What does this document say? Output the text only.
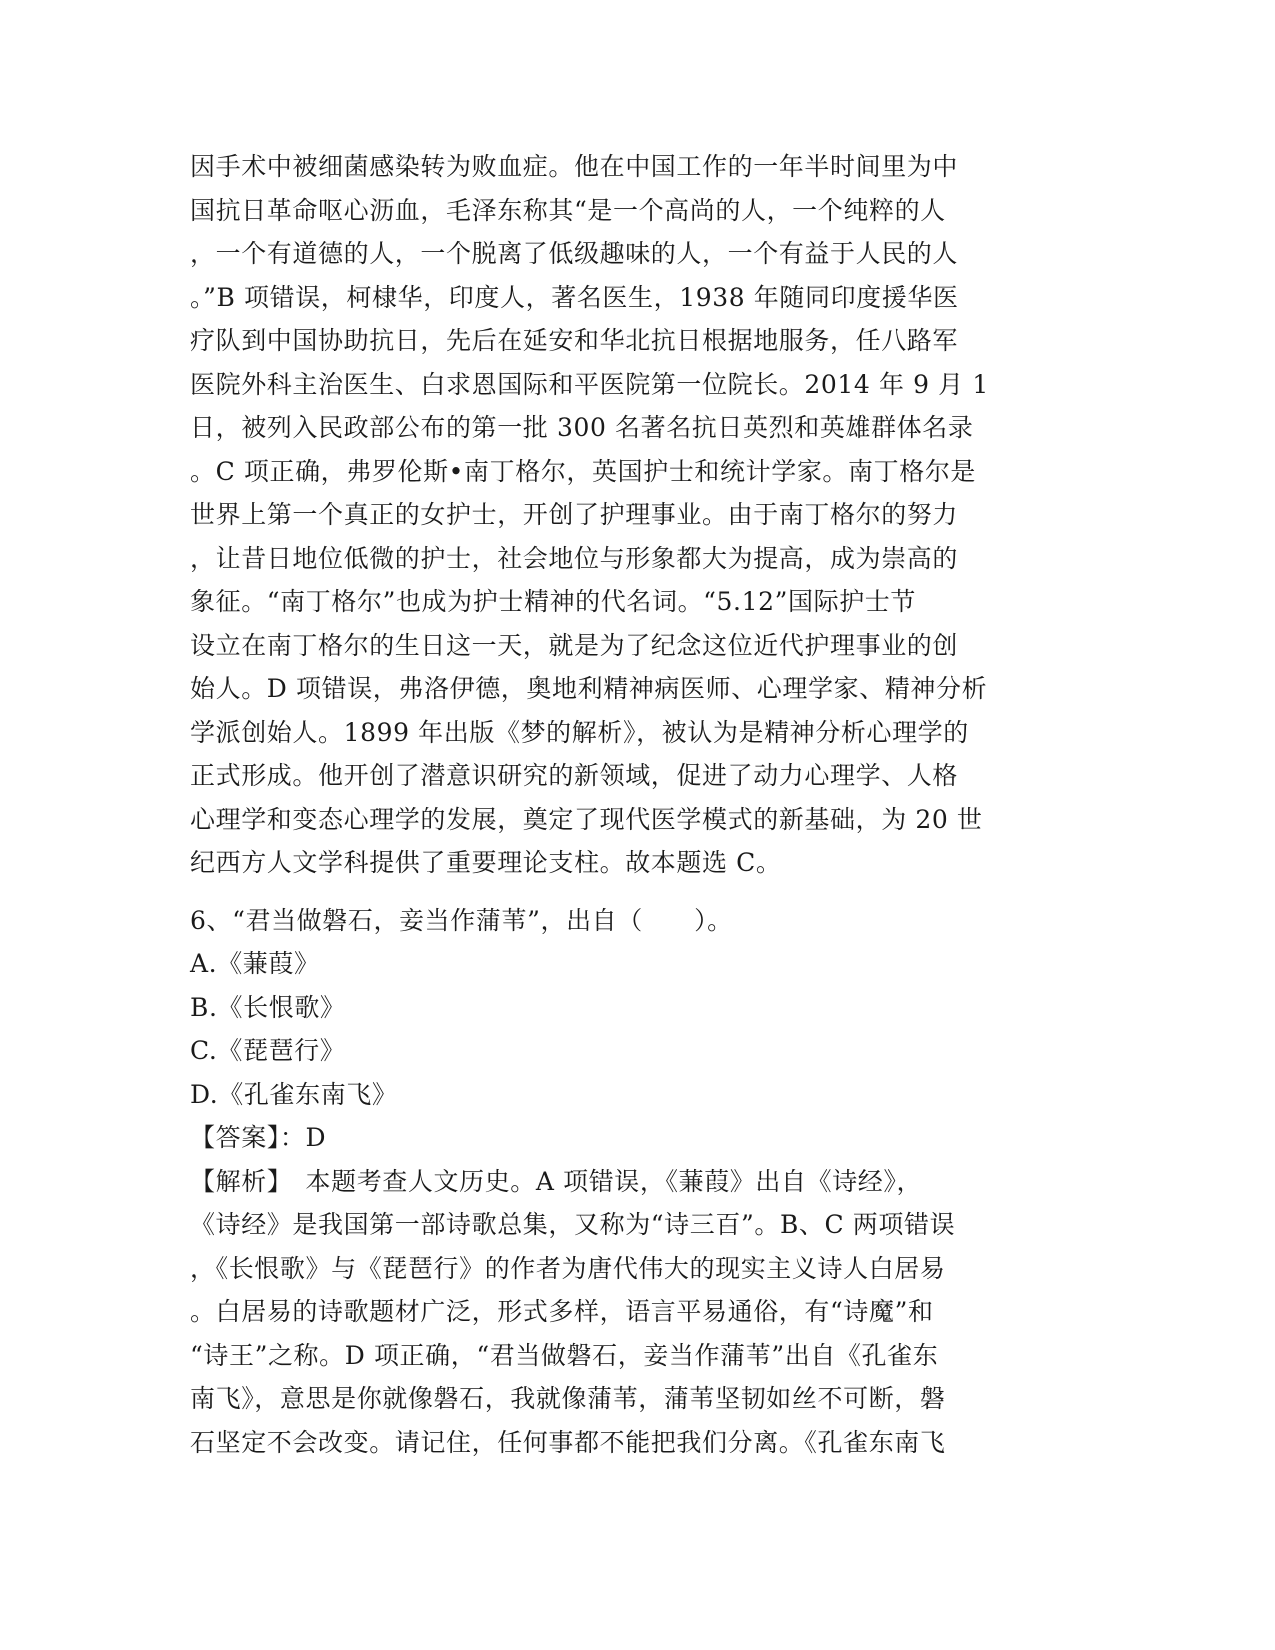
因手术中被细菌感染转为败血症。他在中国工作的一年半时间里为中
国抗日革命呕心沥血，毛泽东称其“是一个高尚的人，一个纯粹的人
，一个有道德的人，一个脱离了低级趣味的人，一个有益于人民的人
。”B 项错误，柯棣华，印度人，著名医生，1938 年随同印度援华医
疗队到中国协助抗日，先后在延安和华北抗日根据地服务，任八路军
医院外科主治医生、白求恩国际和平医院第一位院长。2014 年 9 月 1
日，被列入民政部公布的第一批 300 名著名抗日英烈和英雄群体名录
。C 项正确，弗罗伦斯•南丁格尔，英国护士和统计学家。南丁格尔是
世界上第一个真正的女护士，开创了护理事业。由于南丁格尔的努力
，让昔日地位低微的护士，社会地位与形象都大为提高，成为崇高的
象征。“南丁格尔”也成为护士精神的代名词。“5.12”国际护士节
设立在南丁格尔的生日这一天，就是为了纪念这位近代护理事业的创
始人。D 项错误，弗洛伊德，奥地利精神病医师、心理学家、精神分析
学派创始人。1899 年出版《梦的解析》，被认为是精神分析心理学的
正式形成。他开创了潜意识研究的新领域，促进了动力心理学、人格
心理学和变态心理学的发展，奠定了现代医学模式的新基础，为 20 世
纪西方人文学科提供了重要理论支柱。故本题选 C。
6、“君当做磐石，妾当作蒲苇”，出自（　　）。
A.《蒹葭》
B.《长恨歌》
C.《琵琶行》
D.《孔雀东南飞》
【答案】：D
【解析】　本题考查人文历史。A 项错误，《蒹葭》出自《诗经》，
《诗经》是我国第一部诗歌总集，又称为“诗三百”。B、C 两项错误
，《长恨歌》与《琵琶行》的作者为唐代伟大的现实主义诗人白居易
。白居易的诗歌题材广泛，形式多样，语言平易通俗，有“诗魔”和
“诗王”之称。D 项正确，“君当做磐石，妾当作蒲苇”出自《孔雀东
南飞》，意思是你就像磐石，我就像蒲苇，蒲苇坚韧如丝不可断，磐
石坚定不会改变。请记住，任何事都不能把我们分离。《孔雀东南飞
